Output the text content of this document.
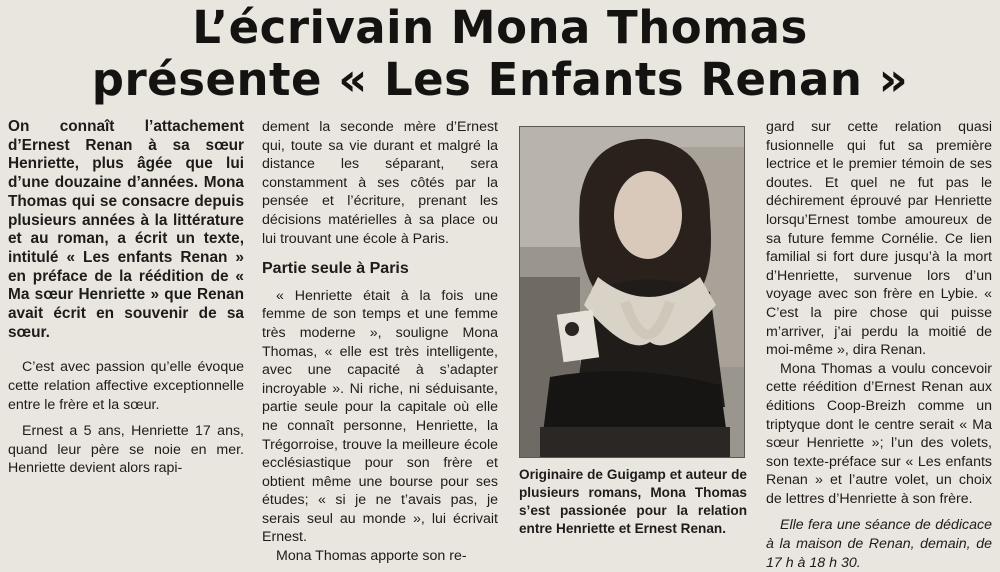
L’écrivain Mona Thomas
présente « Les Enfants Renan »

On connaît l’attachement d’Ernest Renan à sa sœur Henriette, plus âgée que lui d’une douzaine d’années. Mona Thomas qui se consacre depuis plusieurs années à la littérature et au roman, a écrit un texte, intitulé « Les enfants Renan » en préface de la réédition de « Ma sœur Henriette » que Renan avait écrit en souvenir de sa sœur.

C’est avec passion qu’elle évoque cette relation affective exceptionnelle entre le frère et la sœur.

Ernest a 5 ans, Henriette 17 ans, quand leur père se noie en mer. Henriette devient alors rapi-

dement la seconde mère d’Ernest qui, toute sa vie durant et malgré la distance les séparant, sera constamment à ses côtés par la pensée et l’écriture, prenant les décisions matérielles à sa place ou lui trouvant une école à Paris.

Partie seule à Paris

« Henriette était à la fois une femme de son temps et une femme très moderne », souligne Mona Thomas, « elle est très intelligente, avec une capacité à s’adapter incroyable ». Ni riche, ni séduisante, partie seule pour la capitale où elle ne connaît personne, Henriette, la Trégorroise, trouve la meilleure école ecclésiastique pour son frère et obtient même une bourse pour ses études; « si je ne t’avais pas, je serais seul au monde », lui écrivait Ernest.

Mona Thomas apporte son re-

Originaire de Guigamp et auteur de plusieurs romans, Mona Thomas s’est passionée pour la relation entre Henriette et Ernest Renan.

gard sur cette relation quasi fusionnelle qui fut sa première lectrice et le premier témoin de ses doutes. Et quel ne fut pas le déchirement éprouvé par Henriette lorsqu’Ernest tombe amoureux de sa future femme Cornélie. Ce lien familial si fort dure jusqu’à la mort d’Henriette, survenue lors d’un voyage avec son frère en Lybie. « C’est la pire chose qui puisse m’arriver, j’ai perdu la moitié de moi-même », dira Renan.

Mona Thomas a voulu concevoir cette réédition d’Ernest Renan aux éditions Coop-Breizh comme un triptyque dont le centre serait « Ma sœur Henriette »; l’un des volets, son texte-préface sur « Les enfants Renan » et l’autre volet, un choix de lettres d’Henriette à son frère.

Elle fera une séance de dédicace à la maison de Renan, demain, de 17 h à 18 h 30.
